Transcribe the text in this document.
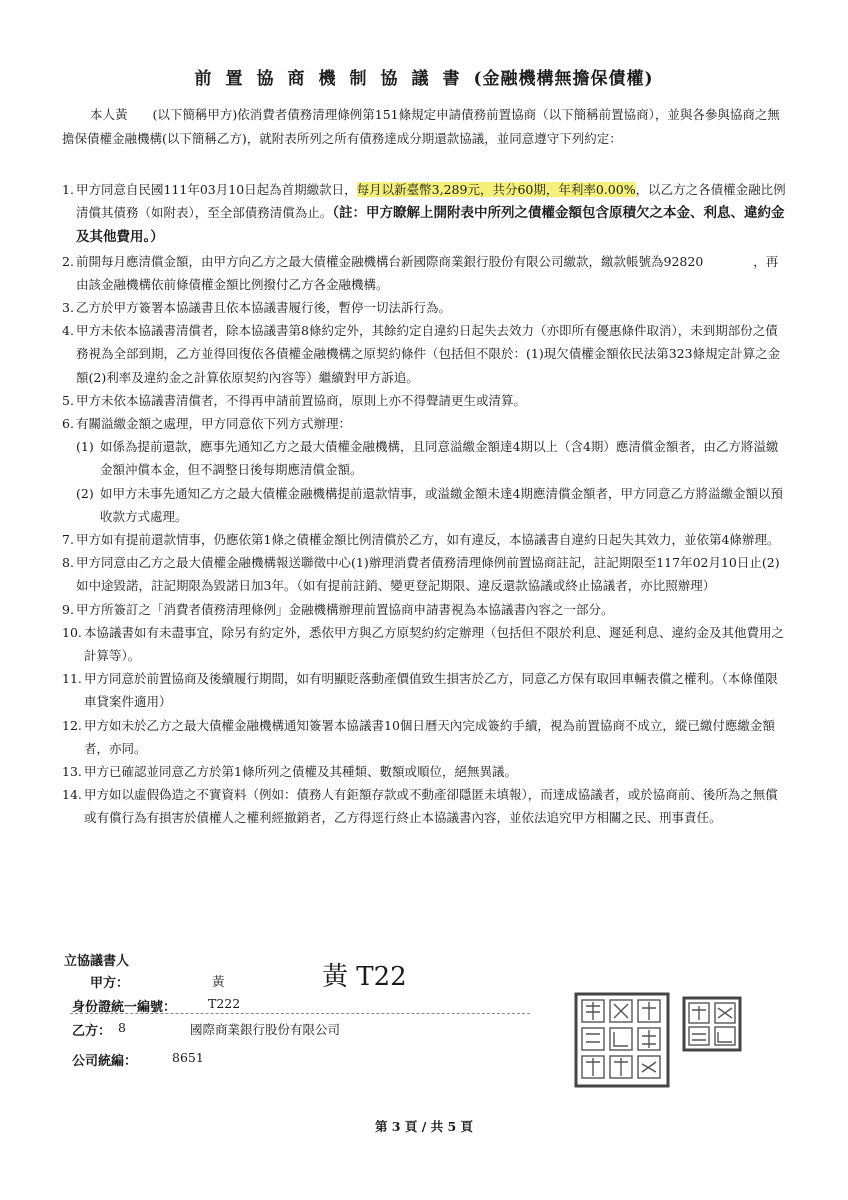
前置協商機制協議書(金融機構無擔保債權)
本人黃　　(以下簡稱甲方)依消費者債務清理條例第151條規定申請債務前置協商（以下簡稱前置協商），並與各參與協商之無擔保債權金融機構(以下簡稱乙方)，就附表所列之所有債務達成分期還款協議，並同意遵守下列約定：
1. 甲方同意自民國111年03月10日起為首期繳款日，每月以新臺幣3,289元，共分60期，年利率0.00%，以乙方之各債權金融比例清償其債務（如附表），至全部債務清償為止。（註：甲方瞭解上開附表中所列之債權金額包含原積欠之本金、利息、違約金及其他費用。）
2. 前開每月應清償金額，由甲方向乙方之最大債權金融機構台新國際商業銀行股份有限公司繳款，繳款帳號為92820　　　　，再由該金融機構依前條債權金額比例撥付乙方各金融機構。
3. 乙方於甲方簽署本協議書且依本協議書履行後，暫停一切法訴行為。
4. 甲方未依本協議書清償者，除本協議書第8條約定外，其餘約定自違約日起失去效力（亦即所有優惠條件取消），未到期部份之債務視為全部到期，乙方並得回復依各債權金融機構之原契約條件（包括但不限於：(1)現欠債權金額依民法第323條規定計算之金額(2)利率及違約金之計算依原契約內容等）繼續對甲方訴追。
5. 甲方未依本協議書清償者，不得再申請前置協商，原則上亦不得聲請更生或清算。
6. 有關溢繳金額之處理，甲方同意依下列方式辦理：
(1) 如係為提前還款，應事先通知乙方之最大債權金融機構，且同意溢繳金額達4期以上（含4期）應清償金額者，由乙方將溢繳金額沖償本金，但不調整日後每期應清償金額。
(2) 如甲方未事先通知乙方之最大債權金融機構提前還款情事，或溢繳金額未達4期應清償金額者，甲方同意乙方將溢繳金額以預收款方式處理。
7. 甲方如有提前還款情事，仍應依第1條之債權金額比例清償於乙方，如有違反，本協議書自違約日起失其效力，並依第4條辦理。
8. 甲方同意由乙方之最大債權金融機構報送聯徵中心(1)辦理消費者債務清理條例前置協商註記，註記期限至117年02月10日止(2)如中途毀諾，註記期限為毀諾日加3年。（如有提前註銷、變更登記期限、違反還款協議或終止協議者，亦比照辦理）
9. 甲方所簽訂之「消費者債務清理條例」金融機構辦理前置協商申請書視為本協議書內容之一部分。
10. 本協議書如有未盡事宜，除另有約定外，悉依甲方與乙方原契約約定辦理（包括但不限於利息、遲延利息、違約金及其他費用之計算等）。
11. 甲方同意於前置協商及後續履行期間，如有明顯貶落動產價值致生損害於乙方，同意乙方保有取回車輛表償之權利。（本條僅限車貸案件適用）
12. 甲方如未於乙方之最大債權金融機構通知簽署本協議書10個日曆天內完成簽約手續，視為前置協商不成立，縱已繳付應繳金額者，亦同。
13. 甲方已確認並同意乙方於第1條所列之債權及其種類、數額或順位，絕無異議。
14. 甲方如以虛假偽造之不實資料（例如：債務人有鉅額存款或不動產卻隱匿未填報），而達成協議者，或於協商前、後所為之無償或有償行為有損害於債權人之權利經撤銷者，乙方得逕行終止本協議書內容，並依法追究甲方相關之民、刑事責任。
立協議書人
甲方：	黃	黃 T22
身份證統一編號：	T222
乙方： 8	國際商業銀行股份有限公司
公司統編：	8651
第 3 頁 / 共 5 頁
